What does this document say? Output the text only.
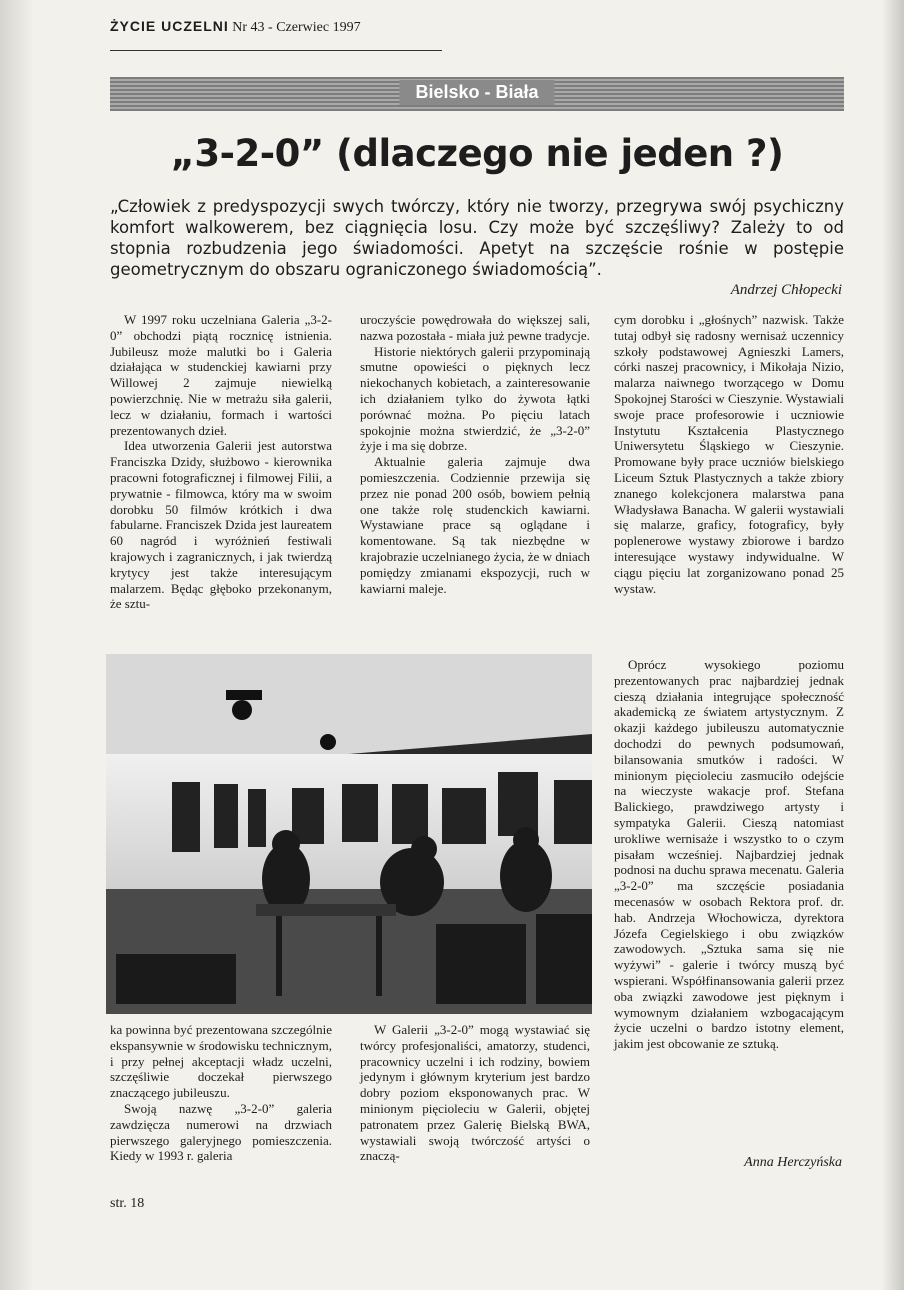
ŻYCIE UCZELNI Nr 43 - Czerwiec 1997
Bielsko - Biała
„3-2-0” (dlaczego nie jeden ?)
„Człowiek z predyspozycji swych twórczy, który nie tworzy, przegrywa swój psychiczny komfort walkowerem, bez ciągnięcia losu. Czy może być szczęśliwy? Zależy to od stopnia rozbudzenia jego świadomości. Apetyt na szczęście rośnie w postępie geometrycznym do obszaru ograniczonego świadomością”.
Andrzej Chłopecki

W 1997 roku uczelniana Galeria „3-2-0” obchodzi piątą rocznicę istnienia. Jubileusz może malutki bo i Galeria działająca w studenckiej kawiarni przy Willowej 2 zajmuje niewielką powierzchnię. Nie w metrażu siła galerii, lecz w działaniu, formach i wartości prezentowanych dzieł.

Idea utworzenia Galerii jest autorstwa Franciszka Dzidy, służbowo - kierownika pracowni fotograficznej i filmowej Filii, a prywatnie - filmowca, który ma w swoim dorobku 50 filmów krótkich i dwa fabularne. Franciszek Dzida jest laureatem 60 nagród i wyróżnień festiwali krajowych i zagranicznych, i jak twierdzą krytycy jest także interesującym malarzem. Będąc głęboko przekonanym, że sztu-

uroczyście powędrowała do większej sali, nazwa pozostała - miała już pewne tradycje.

Historie niektórych galerii przypominają smutne opowieści o pięknych lecz niekochanych kobietach, a zainteresowanie ich działaniem tylko do żywota łątki porównać można. Po pięciu latach spokojnie można stwierdzić, że „3-2-0” żyje i ma się dobrze.

Aktualnie galeria zajmuje dwa pomieszczenia. Codziennie przewija się przez nie ponad 200 osób, bowiem pełnią one także rolę studenckich kawiarni. Wystawiane prace są oglądane i komentowane. Są tak niezbędne w krajobrazie uczelnianego życia, że w dniach pomiędzy zmianami ekspozycji, ruch w kawiarni maleje.

cym dorobku i „głośnych” nazwisk. Także tutaj odbył się radosny wernisaż uczennicy szkoły podstawowej Agnieszki Lamers, córki naszej pracownicy, i Mikołaja Nizio, malarza naiwnego tworzącego w Domu Spokojnej Starości w Cieszynie. Wystawiali swoje prace profesorowie i uczniowie Instytutu Kształcenia Plastycznego Uniwersytetu Śląskiego w Cieszynie. Promowane były prace uczniów bielskiego Liceum Sztuk Plastycznych a także zbiory znanego kolekcjonera malarstwa pana Władysława Banacha. W galerii wystawiali się malarze, graficy, fotograficy, były poplenerowe wystawy zbiorowe i bardzo interesujące wystawy indywidualne. W ciągu pięciu lat zorganizowano ponad 25 wystaw.

ka powinna być prezentowana szczególnie ekspansywnie w środowisku technicznym, i przy pełnej akceptacji władz uczelni, szczęśliwie doczekał pierwszego znaczącego jubileuszu.

Swoją nazwę „3-2-0” galeria zawdzięcza numerowi na drzwiach pierwszego galeryjnego pomieszczenia. Kiedy w 1993 r. galeria

W Galerii „3-2-0” mogą wystawiać się twórcy profesjonaliści, amatorzy, studenci, pracownicy uczelni i ich rodziny, bowiem jedynym i głównym kryterium jest bardzo dobry poziom eksponowanych prac. W minionym pięcioleciu w Galerii, objętej patronatem przez Galerię Bielską BWA, wystawiali swoją twórczość artyści o znaczą-

Oprócz wysokiego poziomu prezentowanych prac najbardziej jednak cieszą działania integrujące społeczność akademicką ze światem artystycznym. Z okazji każdego jubileuszu automatycznie dochodzi do pewnych podsumowań, bilansowania smutków i radości. W minionym pięcioleciu zasmuciło odejście na wieczyste wakacje prof. Stefana Balickiego, prawdziwego artysty i sympatyka Galerii. Cieszą natomiast urokliwe wernisaże i wszystko to o czym pisałam wcześniej. Najbardziej jednak podnosi na duchu sprawa mecenatu. Galeria „3-2-0” ma szczęście posiadania mecenasów w osobach Rektora prof. dr. hab. Andrzeja Włochowicza, dyrektora Józefa Cegielskiego i obu związków zawodowych. „Sztuka sama się nie wyżywi” - galerie i twórcy muszą być wspierani. Współfinansowania galerii przez oba związki zawodowe jest pięknym i wymownym działaniem wzbogacającym życie uczelni o bardzo istotny element, jakim jest obcowanie ze sztuką.

Anna Herczyńska
str. 18
